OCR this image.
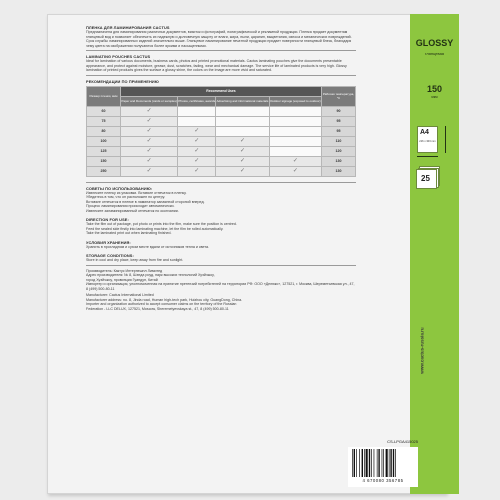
ПЛЕНКА ДЛЯ ЛАМИНИРОВАНИЯ CACTUS
Предназначена для ламинирования различных документов, визиток и фотографий, полиграфической и рекламной продукции. Пленка придает документам глянцевый вид и позволяет обеспечить их надежную и долговечную защиту от влаги, жира, пыли, царапин, выцветания, износа и механических повреждений. Срок службы ламинированных изделий значительно выше. Глянцевое ламинирование печатной продукции придает поверхности глянцевый блеск, благодаря чему цвета на изображении получаются более яркими и насыщенными.
LAMINATING POUCHES CACTUS
Ideal for lamination of various documents, business cards, photos and printed promotional materials. Cactus laminating pouches give the documents presentable appearance, and protect against moisture, grease, dust, scratches, fading, wear and mechanical damage. The service life of laminated products is very high. Glossy lamination of printed products gives the surface a glossy shine, the colors on the image are more vivid and saturated.
РЕКОМЕНДАЦИИ ПО ПРИМЕНЕНИЮ
Размер пленки, мкм	Recommend Uses				Рабочая температура, °C
	Paper and Documents (cards or samples)	Photos, certificates, awards	Advertising and informational materials	Outdoor signage (exposed to outdoor)	
60	✓				90
75	✓				95
80	✓	✓			95
100	✓	✓	✓		110
125	✓	✓	✓		120
150	✓	✓	✓	✓	130
250	✓	✓	✓	✓	130
СОВЕТЫ ПО ИСПОЛЬЗОВАНИЮ:
Извлеките пленку из упаковки. Вставьте отпечаток в пленку.
Убедитесь в том, что он расположен по центру.
Вставьте отпечаток в пленке в ламинатор запаянной стороной вперед.
Процесс ламинирования происходит автоматически.
Извлеките заламинированный отпечаток по окончании.
DIRECTION FOR USE:
Take the film out of package, put photo or prints into the film, make sure the position is centred.
Feed the sealed side firstly into laminating machine, let the film be rolled automatically.
Take the laminated print out when laminating finished.
УСЛОВИЯ ХРАНЕНИЯ:
Хранить в прохладном и сухом месте вдали от источников тепла и света.
STORAGE CONDITIONS:
Store in cool and dry place, keep away from fire and sunlight.
Производитель: Кактус Интернешнл Лимитед
Адрес производителя: № 8, Шэнда роуд, парк высоких технологий Хуэйчжоу,
город Хуэйчжоу, провинция Гуандун, Китай
Импортер и организация, уполномоченная на принятие претензий потребителей на территории РФ: ООО «Делюкс», 127521, г. Москва, Шереметьевская ул., 47, 8 (499) 500-80-11
Manufacturer: Cactus International Limited
Manufacturer address: no. 8, Jinda road, Human high-tech park, Huizhou city, GuangDong, China.
Importer and organization authorized to accept consumer claims on the territory of the Russian
Federation - LLC DELUX, 127521, Moscow, Sheremetyevskaya st., 47, 8 (499) 500-80-11
GLOSSY
глянцевая
150
мкм
A4
216 x 303 mm
25
www.cactus-russia.ru
CS-LPGA415025
4 670080 356785
